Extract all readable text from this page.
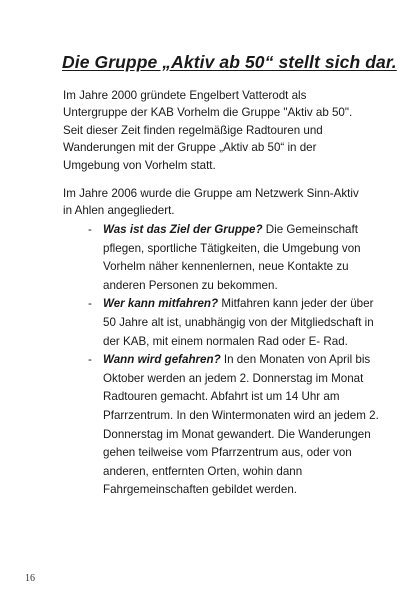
Die Gruppe „Aktiv ab 50“ stellt sich dar.

Im Jahre 2000 gründete Engelbert Vatterodt als Untergruppe der KAB Vorhelm die Gruppe "Aktiv ab 50". Seit dieser Zeit finden regelmäßige Radtouren und Wanderungen mit der Gruppe „Aktiv ab 50“ in der Umgebung von Vorhelm statt.

Im Jahre 2006 wurde die Gruppe am Netzwerk Sinn-Aktiv in Ahlen angegliedert.

- Was ist das Ziel der Gruppe? Die Gemeinschaft pflegen, sportliche Tätigkeiten, die Umgebung von Vorhelm näher kennenlernen, neue Kontakte zu anderen Personen zu bekommen.
- Wer kann mitfahren? Mitfahren kann jeder der über 50 Jahre alt ist, unabhängig von der Mitgliedschaft in der KAB, mit einem normalen Rad oder E- Rad.
- Wann wird gefahren? In den Monaten von April bis Oktober werden an jedem 2. Donnerstag im Monat Radtouren gemacht. Abfahrt ist um 14 Uhr am Pfarrzentrum. In den Wintermonaten wird an jedem 2. Donnerstag im Monat gewandert. Die Wanderungen gehen teilweise vom Pfarrzentrum aus, oder von anderen, entfernten Orten, wohin dann Fahrgemeinschaften gebildet werden.
16
